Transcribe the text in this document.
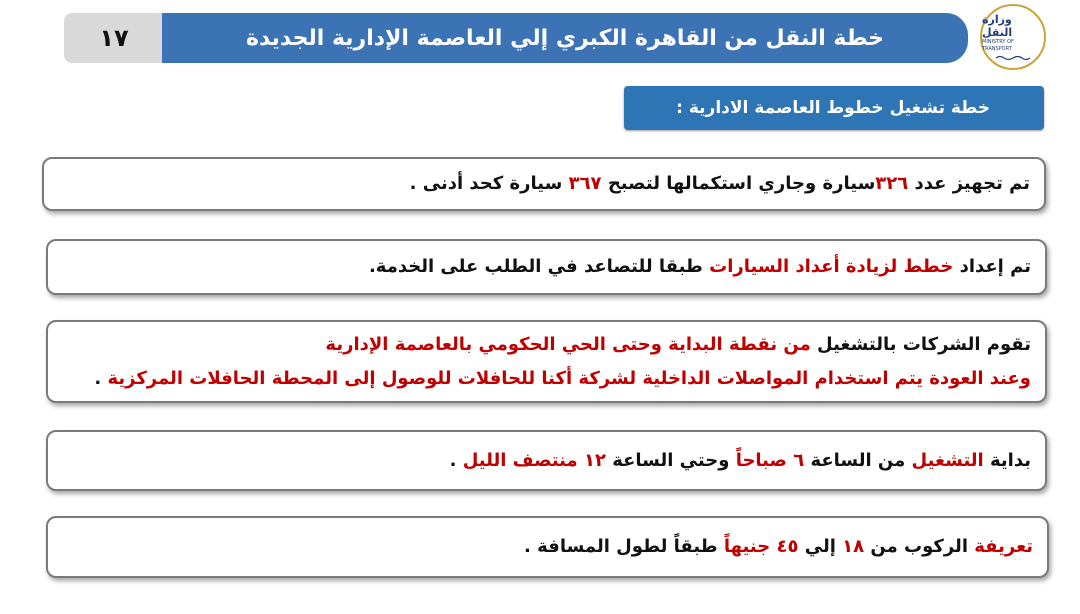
١٧	خطة النقل من القاهرة الكبري إلي العاصمة الإدارية الجديدة
وزارة النقل
MINISTRY OF TRANSPORT
خطة تشغيل خطوط العاصمة الادارية :

تم تجهيز عدد ٣٢٦سيارة وجاري استكمالها لتصبح ٣٦٧ سيارة كحد أدنى .

تم إعداد خطط لزيادة أعداد السيارات طبقا للتصاعد في الطلب على الخدمة.

تقوم الشركات بالتشغيل من نقطة البداية وحتى الحي الحكومي بالعاصمة الإدارية

وعند العودة يتم استخدام المواصلات الداخلية لشركة أكنا للحافلات للوصول إلى المحطة الحافلات المركزية .

بداية التشغيل من الساعة ٦ صباحاً وحتي الساعة ١٢ منتصف الليل .

تعريفة الركوب من ١٨ إلي ٤٥ جنيهاً طبقاً لطول المسافة .
